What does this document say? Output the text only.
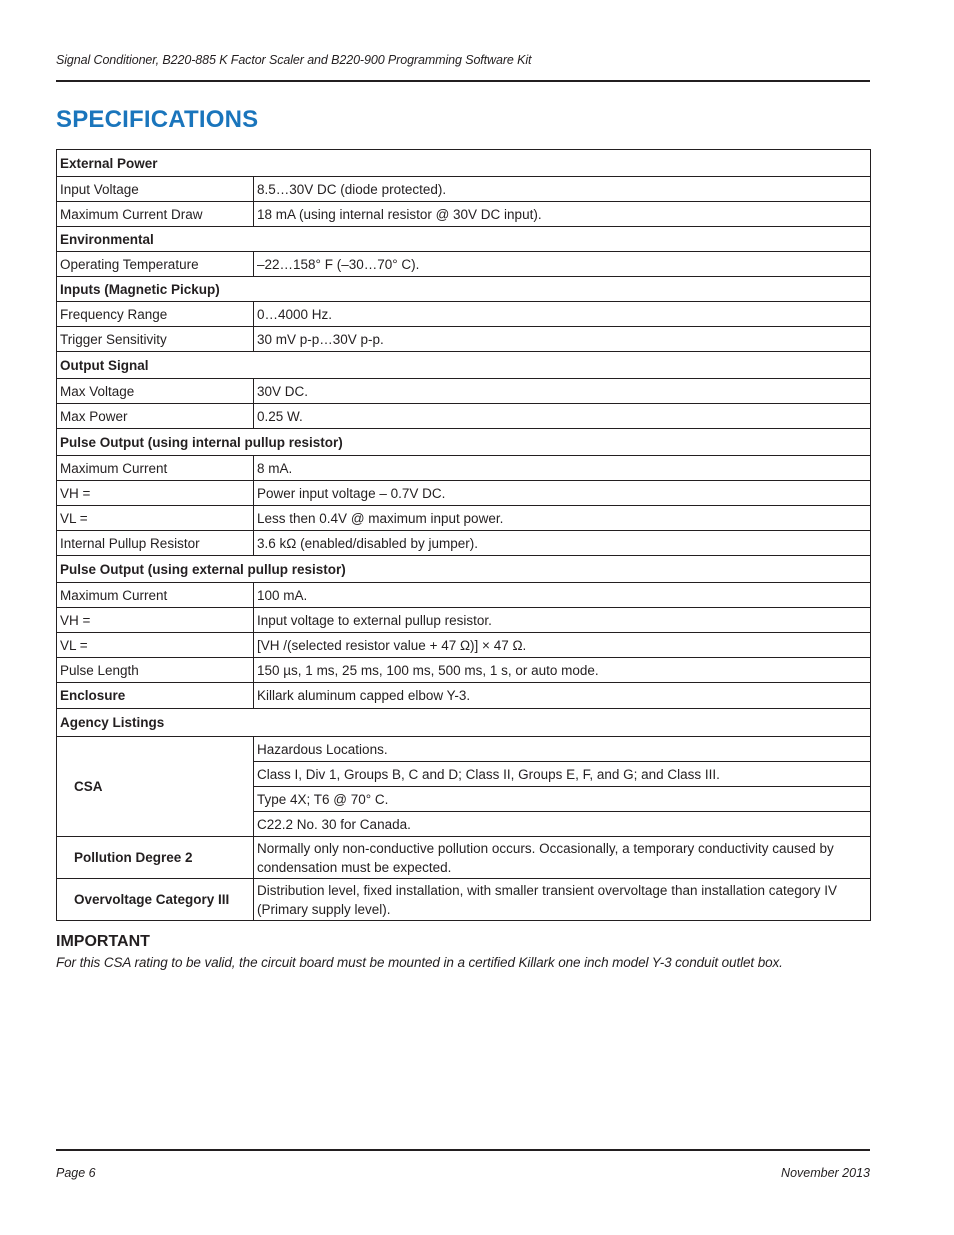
Signal Conditioner, B220-885 K Factor Scaler and B220-900 Programming Software Kit
SPECIFICATIONS
External Power	
Input Voltage	8.5…30V DC (diode protected).
Maximum Current Draw	18 mA (using internal resistor @ 30V DC input).
Environmental	
Operating Temperature	–22…158° F (–30…70° C).
Inputs (Magnetic Pickup)	
Frequency Range	0…4000 Hz.
Trigger Sensitivity	30 mV p-p…30V p-p.
Output Signal	
Max Voltage	30V DC.
Max Power	0.25 W.
Pulse Output (using internal pullup resistor)	
Maximum Current	8 mA.
VH =	Power input voltage – 0.7V DC.
VL =	Less then 0.4V @ maximum input power.
Internal Pullup Resistor	3.6 kΩ (enabled/disabled by jumper).
Pulse Output (using external pullup resistor)	
Maximum Current	100 mA.
VH =	Input voltage to external pullup resistor.
VL =	[VH /(selected resistor value + 47 Ω)] × 47 Ω.
Pulse Length	150 µs, 1 ms, 25 ms, 100 ms, 500 ms, 1 s, or auto mode.
Enclosure	Killark aluminum capped elbow Y-3.
Agency Listings	
CSA	Hazardous Locations.
	Class I, Div 1, Groups B, C and D; Class II, Groups E, F, and G; and Class III.
	Type 4X; T6 @ 70° C.
	C22.2 No. 30 for Canada.
Pollution Degree 2	Normally only non-conductive pollution occurs. Occasionally, a temporary conductivity caused by condensation must be expected.
Overvoltage Category III	Distribution level, fixed installation, with smaller transient overvoltage than installation category IV (Primary supply level).
IMPORTANT
For this CSA rating to be valid, the circuit board must be mounted in a certified Killark one inch model Y-3 conduit outlet box.
Page 6	November 2013
